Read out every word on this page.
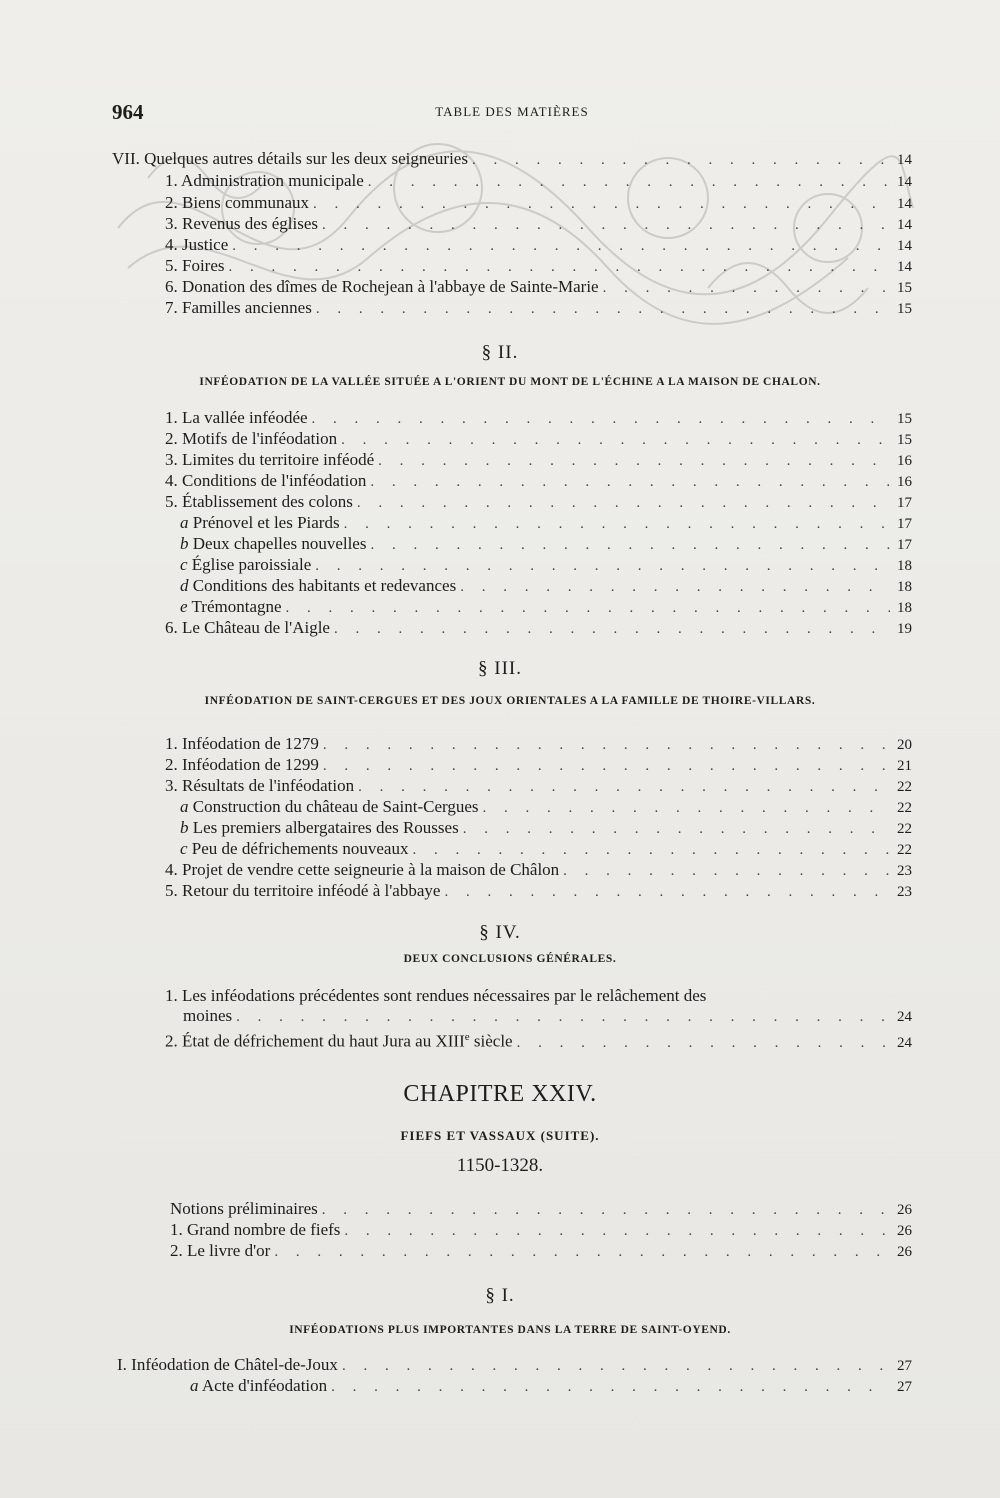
964	TABLE DES MATIÈRES
VII. Quelques autres détails sur les deux seigneuries . . .	14
1. Administration municipale . . .	14
2. Biens communaux . . .	14
3. Revenus des églises . . .	14
4. Justice . . .	14
5. Foires . . .	14
6. Donation des dîmes de Rochejean à l'abbaye de Sainte-Marie . . .	15
7. Familles anciennes . . .	15
§ II.
INFÉODATION DE LA VALLÉE SITUÉE A L'ORIENT DU MONT DE L'ÉCHINE A LA MAISON DE CHALON.
1. La vallée inféodée . . .	15
2. Motifs de l'inféodation . . .	15
3. Limites du territoire inféodé . . .	16
4. Conditions de l'inféodation . . .	16
5. Établissement des colons . . .	17
a Prénovel et les Piards . . .	17
b Deux chapelles nouvelles . . .	17
c Église paroissiale . . .	18
d Conditions des habitants et redevances . . .	18
e Trémontagne . . .	18
6. Le Château de l'Aigle . . .	19
§ III.
INFÉODATION DE SAINT-CERGUES ET DES JOUX ORIENTALES A LA FAMILLE DE THOIRE-VILLARS.
1. Inféodation de 1279 . . .	20
2. Inféodation de 1299 . . .	21
3. Résultats de l'inféodation . . .	22
a Construction du château de Saint-Cergues . . .	22
b Les premiers albergataires des Rousses . . .	22
c Peu de défrichements nouveaux . . .	22
4. Projet de vendre cette seigneurie à la maison de Châlon . . .	23
5. Retour du territoire inféodé à l'abbaye . . .	23
§ IV.
DEUX CONCLUSIONS GÉNÉRALES.
1. Les inféodations précédentes sont rendues nécessaires par le relâchement des
moines . . .	24
2. État de défrichement du haut Jura au XIIIe siècle . . .	24
CHAPITRE XXIV.
FIEFS ET VASSAUX (SUITE).
1150-1328.
Notions préliminaires . . .	26
1. Grand nombre de fiefs . . .	26
2. Le livre d'or . . .	26
§ I.
INFÉODATIONS PLUS IMPORTANTES DANS LA TERRE DE SAINT-OYEND.
I. Inféodation de Châtel-de-Joux . . .	27
a Acte d'inféodation . . .	27
